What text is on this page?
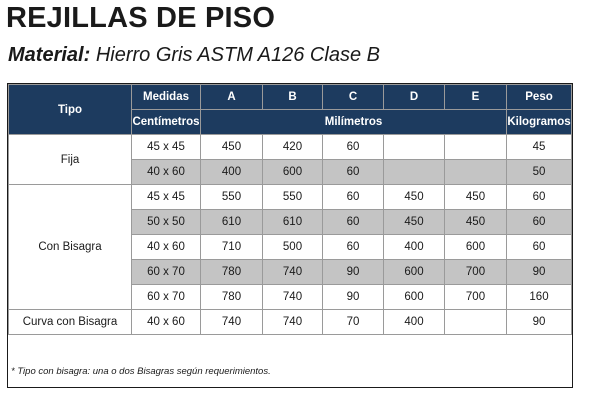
REJILLAS DE PISO

Material: Hierro Gris ASTM A126 Clase B

Tipo	Medidas	A	B	C	D	E	Peso
	Centímetros	Milímetros					Kilogramos
Fija	45 x 45	450	420	60			45
	40 x 60	400	600	60			50
Con Bisagra	45 x 45	550	550	60	450	450	60
	50 x 50	610	610	60	450	450	60
	40 x 60	710	500	60	400	600	60
	60 x 70	780	740	90	600	700	90
	60 x 70	780	740	90	600	700	160
Curva con Bisagra	40 x 60	740	740	70	400		90
* Tipo con bisagra: una o dos Bisagras según requerimientos.
